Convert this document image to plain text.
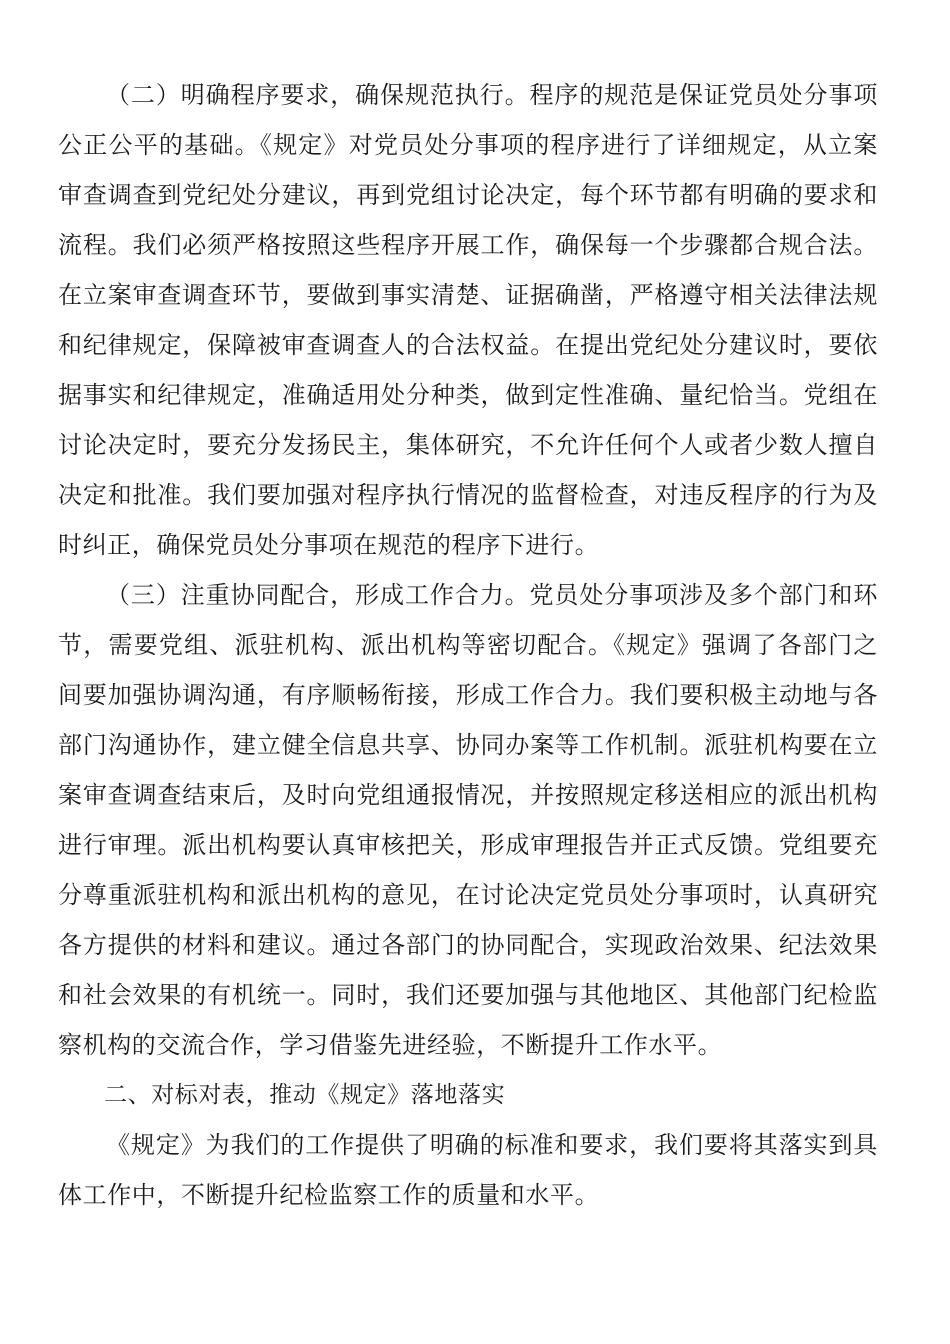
（二）明确程序要求，确保规范执行。程序的规范是保证党员处分事项公正公平的基础。《规定》对党员处分事项的程序进行了详细规定，从立案审查调查到党纪处分建议，再到党组讨论决定，每个环节都有明确的要求和流程。我们必须严格按照这些程序开展工作，确保每一个步骤都合规合法。在立案审查调查环节，要做到事实清楚、证据确凿，严格遵守相关法律法规和纪律规定，保障被审查调查人的合法权益。在提出党纪处分建议时，要依据事实和纪律规定，准确适用处分种类，做到定性准确、量纪恰当。党组在讨论决定时，要充分发扬民主，集体研究，不允许任何个人或者少数人擅自决定和批准。我们要加强对程序执行情况的监督检查，对违反程序的行为及时纠正，确保党员处分事项在规范的程序下进行。

（三）注重协同配合，形成工作合力。党员处分事项涉及多个部门和环节，需要党组、派驻机构、派出机构等密切配合。《规定》强调了各部门之间要加强协调沟通，有序顺畅衔接，形成工作合力。我们要积极主动地与各部门沟通协作，建立健全信息共享、协同办案等工作机制。派驻机构要在立案审查调查结束后，及时向党组通报情况，并按照规定移送相应的派出机构进行审理。派出机构要认真审核把关，形成审理报告并正式反馈。党组要充分尊重派驻机构和派出机构的意见，在讨论决定党员处分事项时，认真研究各方提供的材料和建议。通过各部门的协同配合，实现政治效果、纪法效果和社会效果的有机统一。同时，我们还要加强与其他地区、其他部门纪检监察机构的交流合作，学习借鉴先进经验，不断提升工作水平。

二、对标对表，推动《规定》落地落实

《规定》为我们的工作提供了明确的标准和要求，我们要将其落实到具体工作中，不断提升纪检监察工作的质量和水平。
